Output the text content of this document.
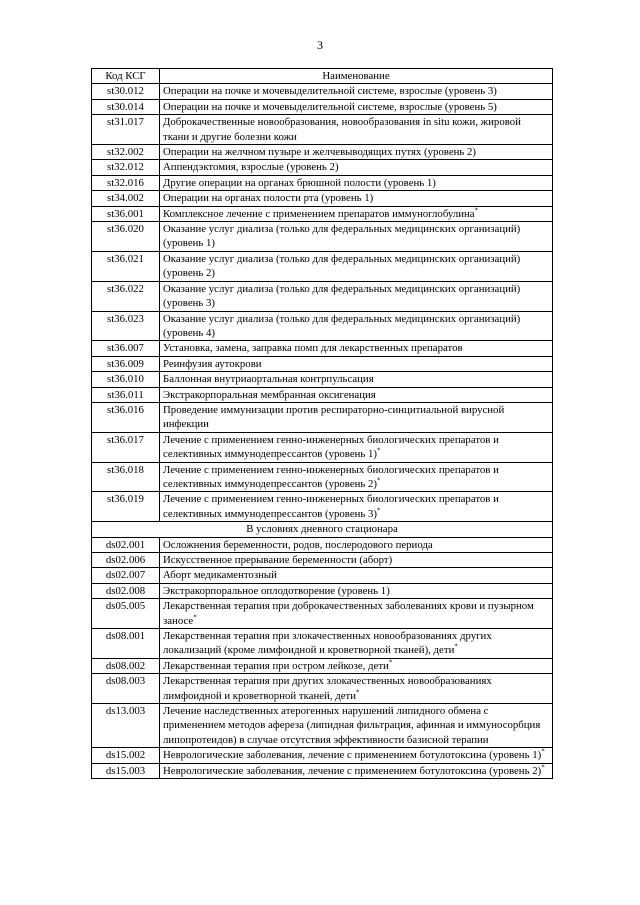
3
Код КСГ	Наименование
st30.012	Операции на почке и мочевыделительной системе, взрослые (уровень 3)
st30.014	Операции на почке и мочевыделительной системе, взрослые (уровень 5)
st31.017	Доброкачественные новообразования, новообразования in situ кожи, жировой ткани и другие болезни кожи
st32.002	Операции на желчном пузыре и желчевыводящих путях (уровень 2)
st32.012	Аппендэктомия, взрослые (уровень 2)
st32.016	Другие операции на органах брюшной полости (уровень 1)
st34.002	Операции на органах полости рта (уровень 1)
st36.001	Комплексное лечение с применением препаратов иммуноглобулина*
st36.020	Оказание услуг диализа (только для федеральных медицинских организаций) (уровень 1)
st36.021	Оказание услуг диализа (только для федеральных медицинских организаций) (уровень 2)
st36.022	Оказание услуг диализа (только для федеральных медицинских организаций) (уровень 3)
st36.023	Оказание услуг диализа (только для федеральных медицинских организаций) (уровень 4)
st36.007	Установка, замена, заправка помп для лекарственных препаратов
st36.009	Реинфузия аутокрови
st36.010	Баллонная внутриаортальная контрпульсация
st36.011	Экстракорпоральная мембранная оксигенация
st36.016	Проведение иммунизации против респираторно-синцитиальной вирусной инфекции
st36.017	Лечение с применением генно-инженерных биологических препаратов и селективных иммунодепрессантов (уровень 1)*
st36.018	Лечение с применением генно-инженерных биологических препаратов и селективных иммунодепрессантов (уровень 2)*
st36.019	Лечение с применением генно-инженерных биологических препаратов и селективных иммунодепрессантов (уровень 3)*
В условиях дневного стационара	
ds02.001	Осложнения беременности, родов, послеродового периода
ds02.006	Искусственное прерывание беременности (аборт)
ds02.007	Аборт медикаментозный
ds02.008	Экстракорпоральное оплодотворение (уровень 1)
ds05.005	Лекарственная терапия при доброкачественных заболеваниях крови и пузырном заносе*
ds08.001	Лекарственная терапия при злокачественных новообразованиях других локализаций (кроме лимфоидной и кроветворной тканей), дети*
ds08.002	Лекарственная терапия при остром лейкозе, дети*
ds08.003	Лекарственная терапия при других злокачественных новообразованиях лимфоидной и кроветворной тканей, дети*
ds13.003	Лечение наследственных атерогенных нарушений липидного обмена с применением методов афереза (липидная фильтрация, афинная и иммуносорбция липопротеидов) в случае отсутствия эффективности базисной терапии
ds15.002	Неврологические заболевания, лечение с применением ботулотоксина (уровень 1)*
ds15.003	Неврологические заболевания, лечение с применением ботулотоксина (уровень 2)*
